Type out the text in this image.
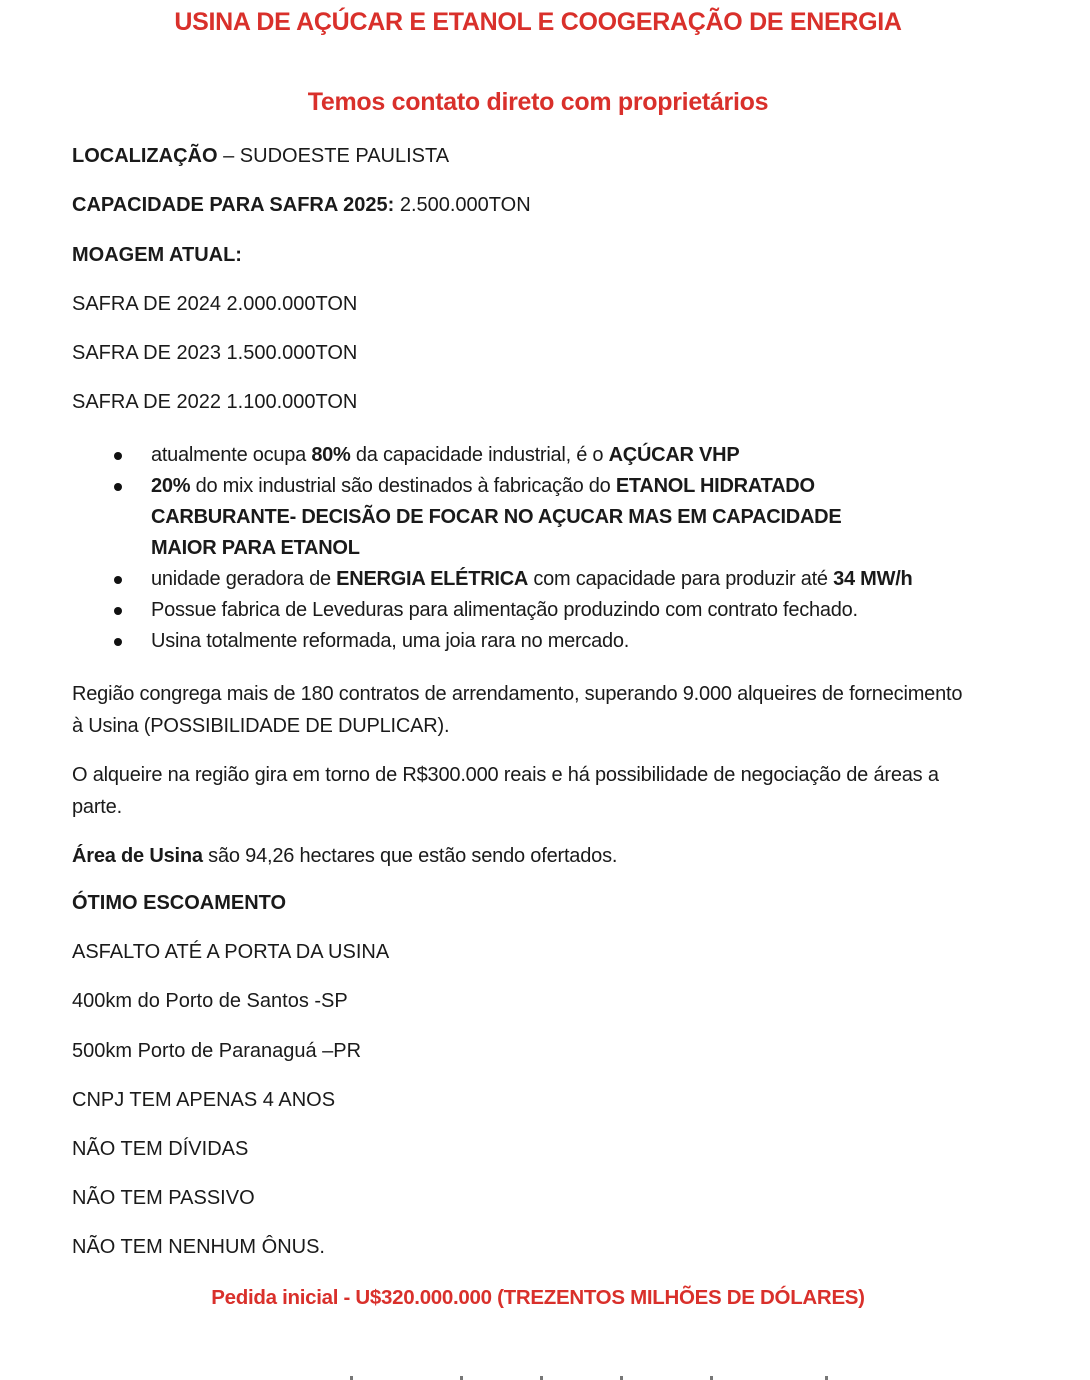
USINA DE AÇÚCAR E ETANOL E COOGERAÇÃO DE ENERGIA
Temos contato direto com proprietários
LOCALIZAÇÃO – SUDOESTE PAULISTA
CAPACIDADE PARA SAFRA 2025: 2.500.000TON
MOAGEM ATUAL:
SAFRA DE 2024 2.000.000TON
SAFRA DE 2023 1.500.000TON
SAFRA DE 2022 1.100.000TON
atualmente ocupa 80% da capacidade industrial, é o AÇÚCAR VHP
20% do mix industrial são destinados à fabricação do ETANOL HIDRATADO CARBURANTE- DECISÃO DE FOCAR NO AÇUCAR MAS EM CAPACIDADE MAIOR PARA ETANOL
unidade geradora de ENERGIA ELÉTRICA com capacidade para produzir até 34 MW/h
Possue fabrica de Leveduras para alimentação produzindo com contrato fechado.
Usina totalmente reformada, uma joia rara no mercado.
Região congrega mais de 180 contratos de arrendamento, superando 9.000 alqueires de fornecimento à Usina (POSSIBILIDADE DE DUPLICAR).
O alqueire na região gira em torno de R$300.000 reais e há possibilidade de negociação de áreas a parte.
Área de Usina são 94,26 hectares que estão sendo ofertados.
ÓTIMO ESCOAMENTO
ASFALTO ATÉ A PORTA DA USINA
400km do Porto de Santos -SP
500km Porto de Paranaguá –PR
CNPJ TEM APENAS 4 ANOS
NÃO TEM DÍVIDAS
NÃO TEM PASSIVO
NÃO TEM NENHUM ÔNUS.
Pedida inicial - U$320.000.000 (TREZENTOS MILHÕES DE DÓLARES)
